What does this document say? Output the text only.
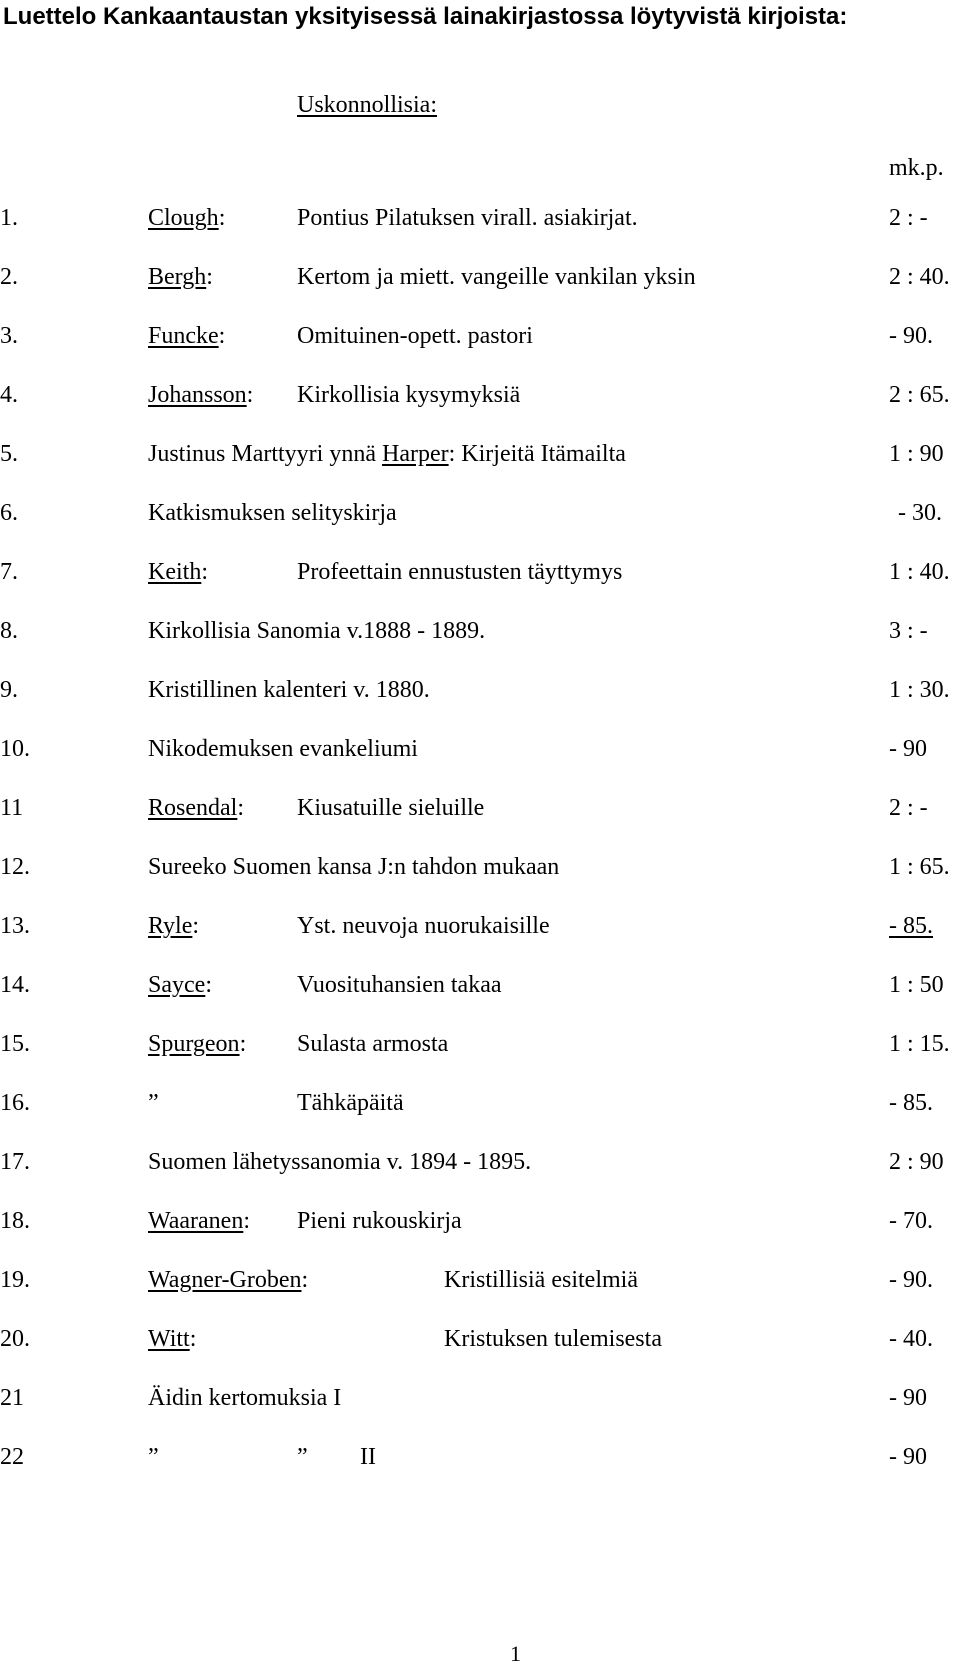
Luettelo Kankaantaustan yksityisessä lainakirjastossa löytyvistä kirjoista:
Uskonnollisia:
mk.p.
1.	Clough:	Pontius Pilatuksen virall. asiakirjat.	2 : -
2.	Bergh:	Kertom ja miett. vangeille vankilan yksin	2 : 40.
3.	Funcke:	Omituinen-opett. pastori	- 90.
4.	Johansson: Kirkollisia kysymyksiä	2 : 65.
5.	Justinus Marttyyri ynnä Harper: Kirjeitä Itämailta	1 : 90
6.	Katkismuksen selityskirja	- 30.
7.	Keith:	Profeettain ennustusten täyttymys	1 : 40.
8.	Kirkollisia Sanomia v.1888 - 1889.	3 : -
9.	Kristillinen kalenteri v. 1880.	1 : 30.
10.	Nikodemuksen evankeliumi	- 90
11	Rosendal: Kiusatuille sieluille	2 : -
12.	Sureeko Suomen kansa J:n tahdon mukaan	1 : 65.
13.	Ryle:	Yst. neuvoja nuorukaisille	- 85.
14.	Sayce:	Vuosituhansien takaa	1 : 50
15.	Spurgeon: Sulasta armosta	1 : 15.
16.	”	Tähkäpäitä	- 85.
17.	Suomen lähetyssanomia v. 1894 - 1895.	2 : 90
18.	Waaranen: Pieni rukouskirja	- 70.
19.	Wagner-Groben:	Kristillisiä esitelmiä	- 90.
20.	Witt:	Kristuksen tulemisesta	- 40.
21	Äidin kertomuksia I	- 90
22	”	” II	- 90
1
